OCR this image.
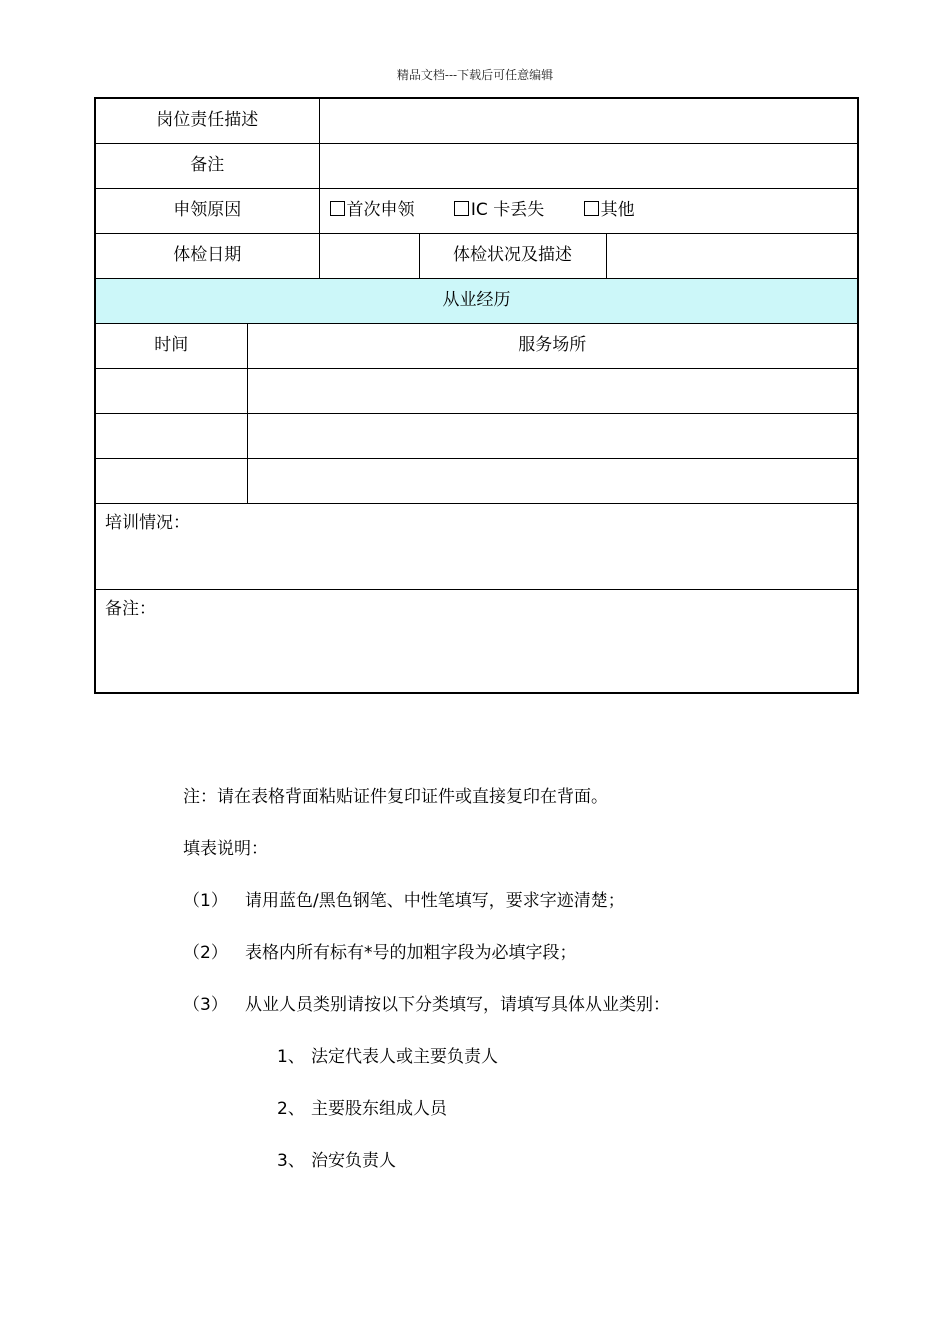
精品文档---下载后可任意编辑
岗位责任描述				
备注				
申领原因		首次申领 IC 卡丢失 其他		
体检日期			体检状况及描述	
从业经历				
时间	服务场所			

培训情况：				
备注：				
注：请在表格背面粘贴证件复印证件或直接复印在背面。
填表说明：
（1） 请用蓝色/黑色钢笔、中性笔填写，要求字迹清楚；
（2） 表格内所有标有*号的加粗字段为必填字段；
（3） 从业人员类别请按以下分类填写，请填写具体从业类别：
1、 法定代表人或主要负责人
2、 主要股东组成人员
3、 治安负责人
